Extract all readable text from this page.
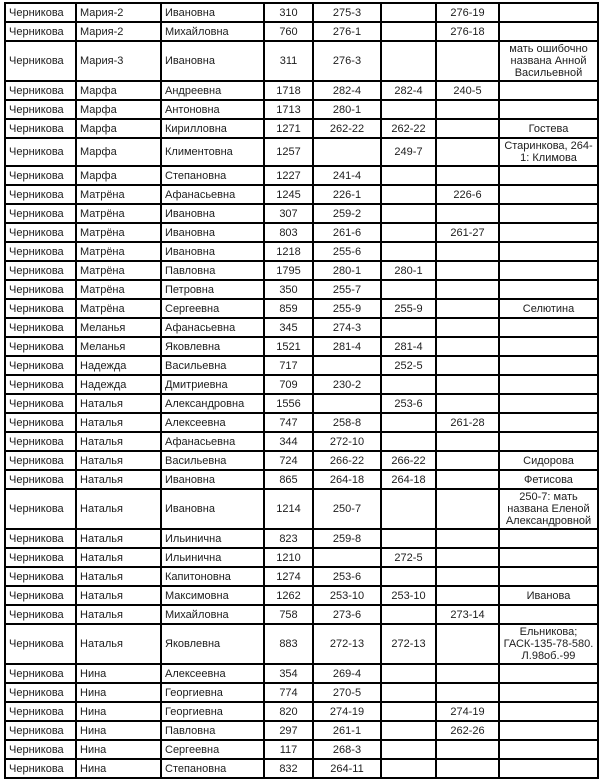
Черникова	Мария-2	Ивановна	310	275-3		276-19	
Черникова	Мария-2	Михайловна	760	276-1		276-18	
Черникова	Мария-3	Ивановна	311	276-3			мать ошибочно названа Анной Васильевной
Черникова	Марфа	Андреевна	1718	282-4	282-4	240-5	
Черникова	Марфа	Антоновна	1713	280-1			
Черникова	Марфа	Кирилловна	1271	262-22	262-22		Гостева
Черникова	Марфа	Климентовна	1257		249-7		Старинкова, 264-1: Климова
Черникова	Марфа	Степановна	1227	241-4			
Черникова	Матрёна	Афанасьевна	1245	226-1		226-6	
Черникова	Матрёна	Ивановна	307	259-2			
Черникова	Матрёна	Ивановна	803	261-6		261-27	
Черникова	Матрёна	Ивановна	1218	255-6			
Черникова	Матрёна	Павловна	1795	280-1	280-1		
Черникова	Матрёна	Петровна	350	255-7			
Черникова	Матрёна	Сергеевна	859	255-9	255-9		Селютина
Черникова	Меланья	Афанасьевна	345	274-3			
Черникова	Меланья	Яковлевна	1521	281-4	281-4		
Черникова	Надежда	Васильевна	717		252-5		
Черникова	Надежда	Дмитриевна	709	230-2			
Черникова	Наталья	Александровна	1556		253-6		
Черникова	Наталья	Алексеевна	747	258-8		261-28	
Черникова	Наталья	Афанасьевна	344	272-10			
Черникова	Наталья	Васильевна	724	266-22	266-22		Сидорова
Черникова	Наталья	Ивановна	865	264-18	264-18		Фетисова
Черникова	Наталья	Ивановна	1214	250-7			250-7: мать названа Еленой Александровной
Черникова	Наталья	Ильинична	823	259-8			
Черникова	Наталья	Ильинична	1210		272-5		
Черникова	Наталья	Капитоновна	1274	253-6			
Черникова	Наталья	Максимовна	1262	253-10	253-10		Иванова
Черникова	Наталья	Михайловна	758	273-6		273-14	
Черникова	Наталья	Яковлевна	883	272-13	272-13		Ельникова; ГАСК-135-78-580. Л.98об.-99
Черникова	Нина	Алексеевна	354	269-4			
Черникова	Нина	Георгиевна	774	270-5			
Черникова	Нина	Георгиевна	820	274-19		274-19	
Черникова	Нина	Павловна	297	261-1		262-26	
Черникова	Нина	Сергеевна	117	268-3			
Черникова	Нина	Степановна	832	264-11			
